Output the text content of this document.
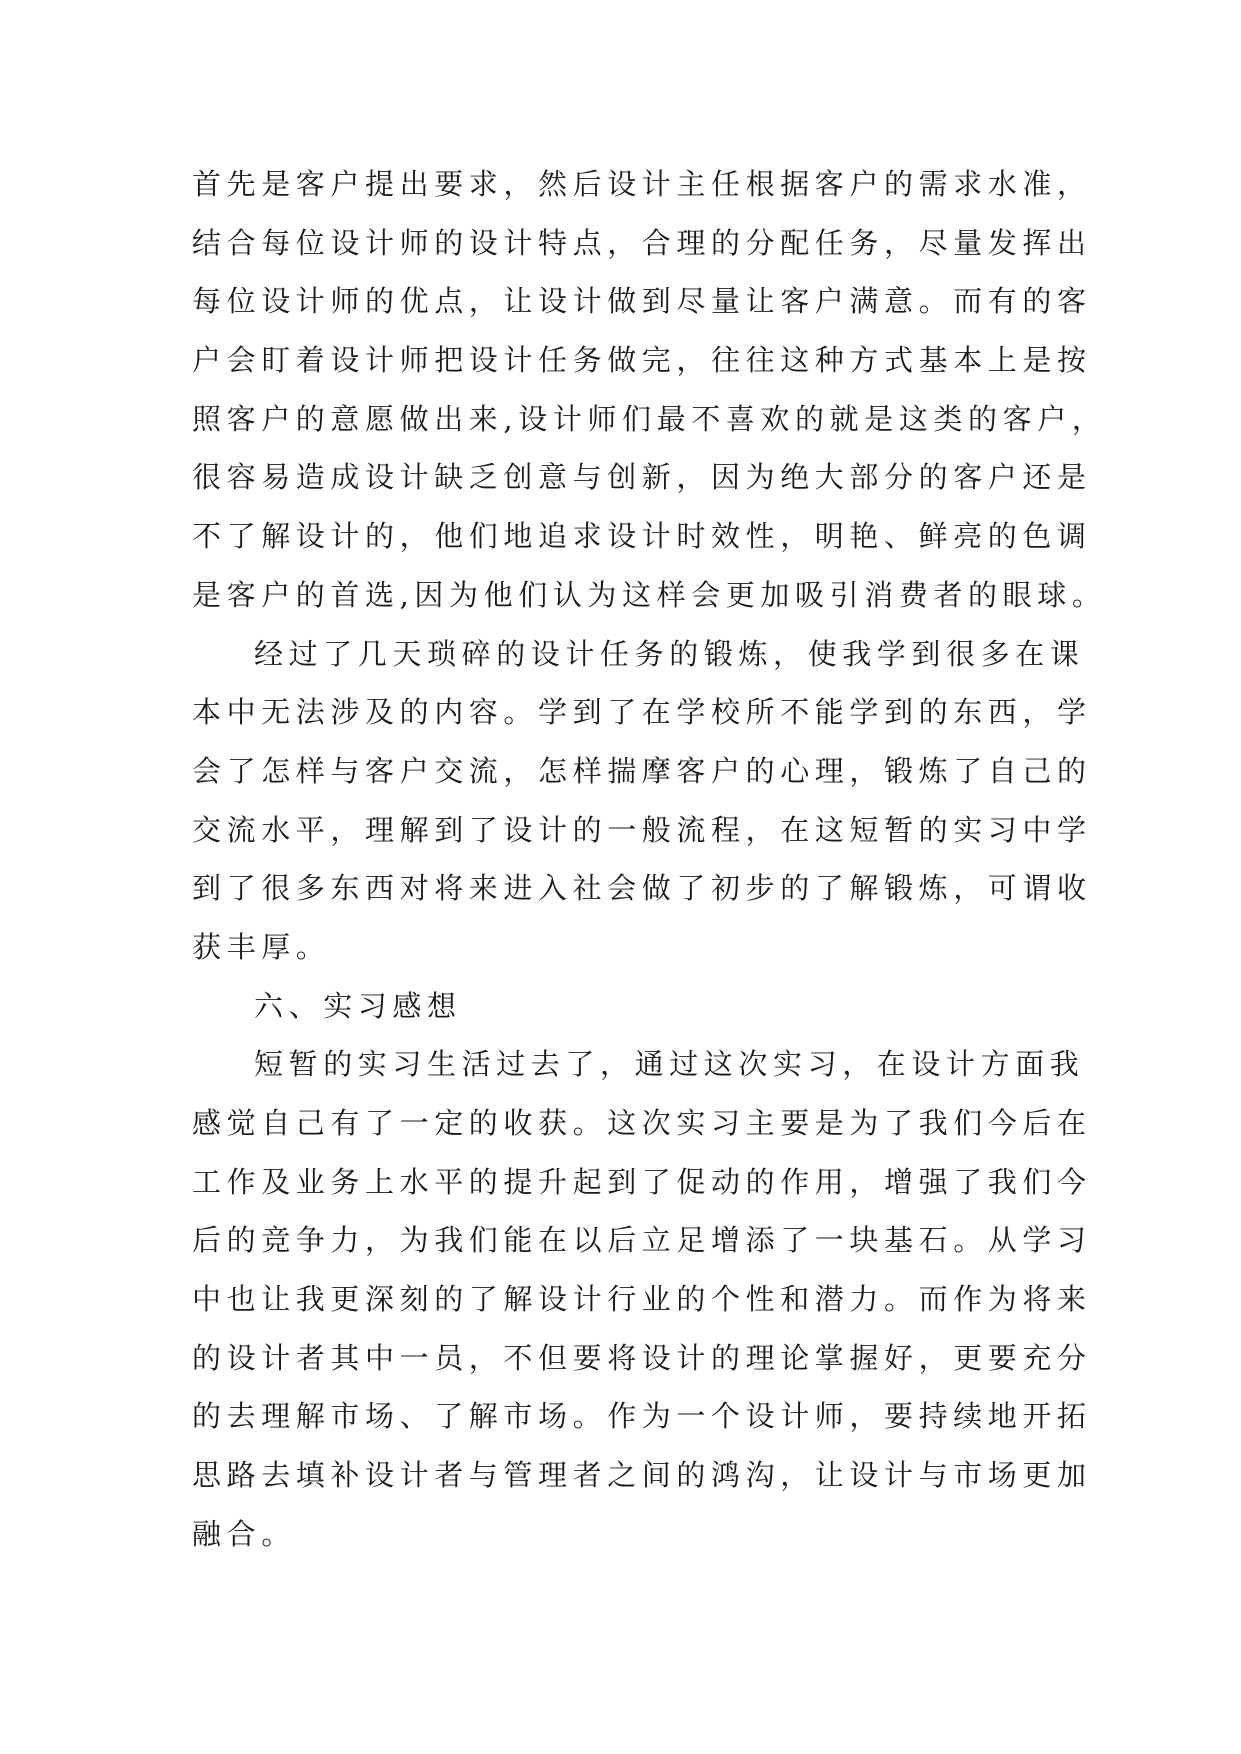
首先是客户提出要求，然后设计主任根据客户的需求水准，
结合每位设计师的设计特点，合理的分配任务，尽量发挥出
每位设计师的优点，让设计做到尽量让客户满意。而有的客
户会盯着设计师把设计任务做完，往往这种方式基本上是按
照客户的意愿做出来,设计师们最不喜欢的就是这类的客户，
很容易造成设计缺乏创意与创新，因为绝大部分的客户还是
不了解设计的，他们地追求设计时效性，明艳、鲜亮的色调
是客户的首选,因为他们认为这样会更加吸引消费者的眼球。
经过了几天琐碎的设计任务的锻炼，使我学到很多在课
本中无法涉及的内容。学到了在学校所不能学到的东西，学
会了怎样与客户交流，怎样揣摩客户的心理，锻炼了自己的
交流水平，理解到了设计的一般流程，在这短暂的实习中学
到了很多东西对将来进入社会做了初步的了解锻炼，可谓收
获丰厚。
六、实习感想
短暂的实习生活过去了，通过这次实习，在设计方面我
感觉自己有了一定的收获。这次实习主要是为了我们今后在
工作及业务上水平的提升起到了促动的作用，增强了我们今
后的竞争力，为我们能在以后立足增添了一块基石。从学习
中也让我更深刻的了解设计行业的个性和潜力。而作为将来
的设计者其中一员，不但要将设计的理论掌握好，更要充分
的去理解市场、了解市场。作为一个设计师，要持续地开拓
思路去填补设计者与管理者之间的鸿沟，让设计与市场更加
融合。
